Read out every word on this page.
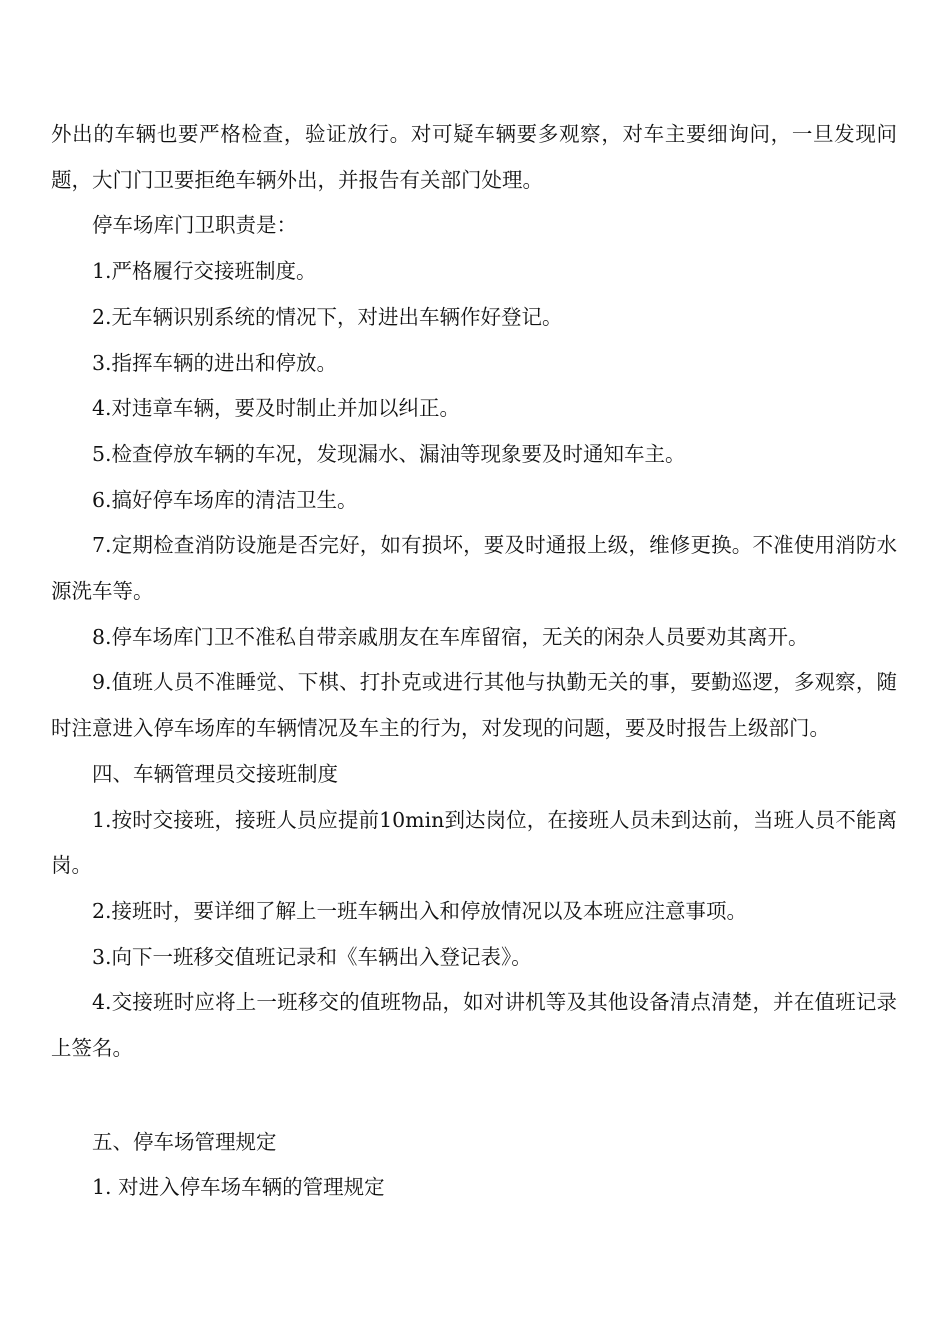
外出的车辆也要严格检查，验证放行。对可疑车辆要多观察，对车主要细询问，一旦发现问题，大门门卫要拒绝车辆外出，并报告有关部门处理。

停车场库门卫职责是：

1.严格履行交接班制度。

2.无车辆识别系统的情况下，对进出车辆作好登记。

3.指挥车辆的进出和停放。

4.对违章车辆，要及时制止并加以纠正。

5.检查停放车辆的车况，发现漏水、漏油等现象要及时通知车主。

6.搞好停车场库的清洁卫生。

7.定期检查消防设施是否完好，如有损坏，要及时通报上级，维修更换。不准使用消防水源洗车等。

8.停车场库门卫不准私自带亲戚朋友在车库留宿，无关的闲杂人员要劝其离开。

9.值班人员不准睡觉、下棋、打扑克或进行其他与执勤无关的事，要勤巡逻，多观察，随时注意进入停车场库的车辆情况及车主的行为，对发现的问题，要及时报告上级部门。

四、车辆管理员交接班制度

1.按时交接班，接班人员应提前10min到达岗位，在接班人员未到达前，当班人员不能离岗。

2.接班时，要详细了解上一班车辆出入和停放情况以及本班应注意事项。

3.向下一班移交值班记录和《车辆出入登记表》。

4.交接班时应将上一班移交的值班物品，如对讲机等及其他设备清点清楚，并在值班记录上签名。

五、停车场管理规定

1. 对进入停车场车辆的管理规定
